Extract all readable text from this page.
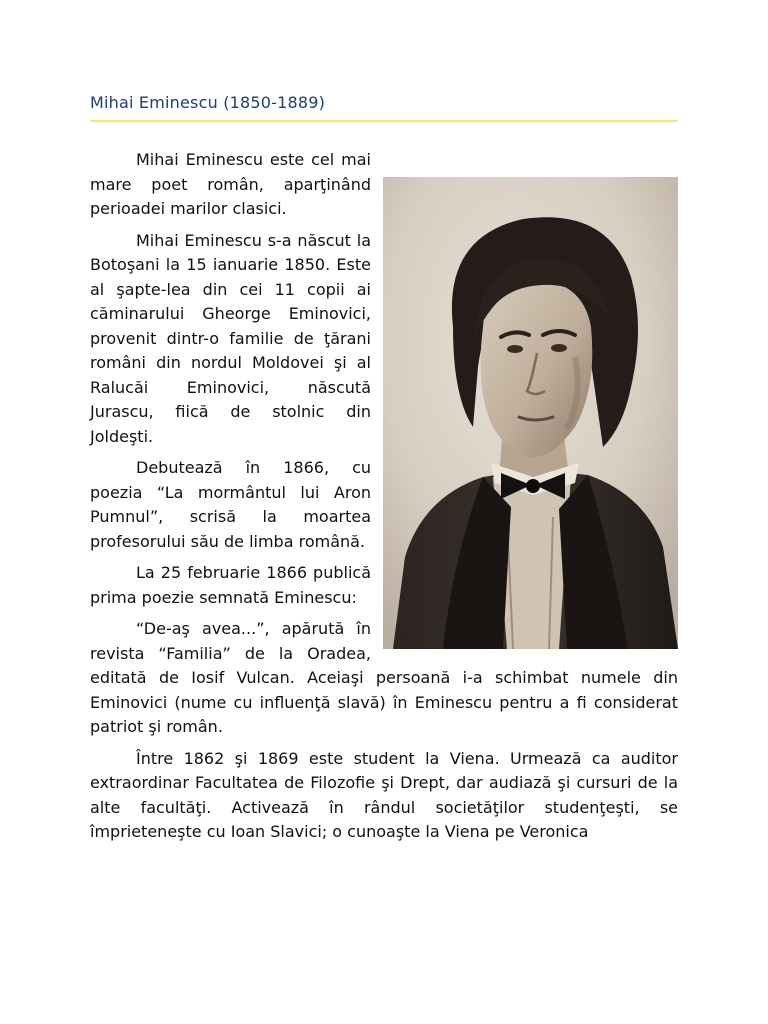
Mihai Eminescu (1850-1889)

Mihai Eminescu este cel mai mare poet român, aparţinând perioadei marilor clasici.

Mihai Eminescu s-a născut la Botoşani la 15 ianuarie 1850. Este al şapte-lea din cei 11 copii ai căminarului Gheorge Eminovici, provenit dintr-o familie de ţărani români din nordul Moldovei şi al Ralucăi Eminovici, născută Jurascu, fiică de stolnic din Joldeşti.

Debutează în 1866, cu poezia “La mormântul lui Aron Pumnul”, scrisă la moartea profesorului său de limba română.

La 25 februarie 1866 publică prima poezie semnată Eminescu:

“De-aş avea...”, apărută în revista “Familia” de la Oradea, editată de Iosif Vulcan. Aceiaşi persoană i-a schimbat numele din Eminovici (nume cu influenţă slavă) în Eminescu pentru a fi considerat patriot şi român.

Între 1862 şi 1869 este student la Viena. Urmează ca auditor extraordinar Facultatea de Filozofie şi Drept, dar audiază şi cursuri de la alte facultăţi. Activează în rândul societăţilor studenţeşti, se împrieteneşte cu Ioan Slavici; o cunoaşte la Viena pe Veronica
